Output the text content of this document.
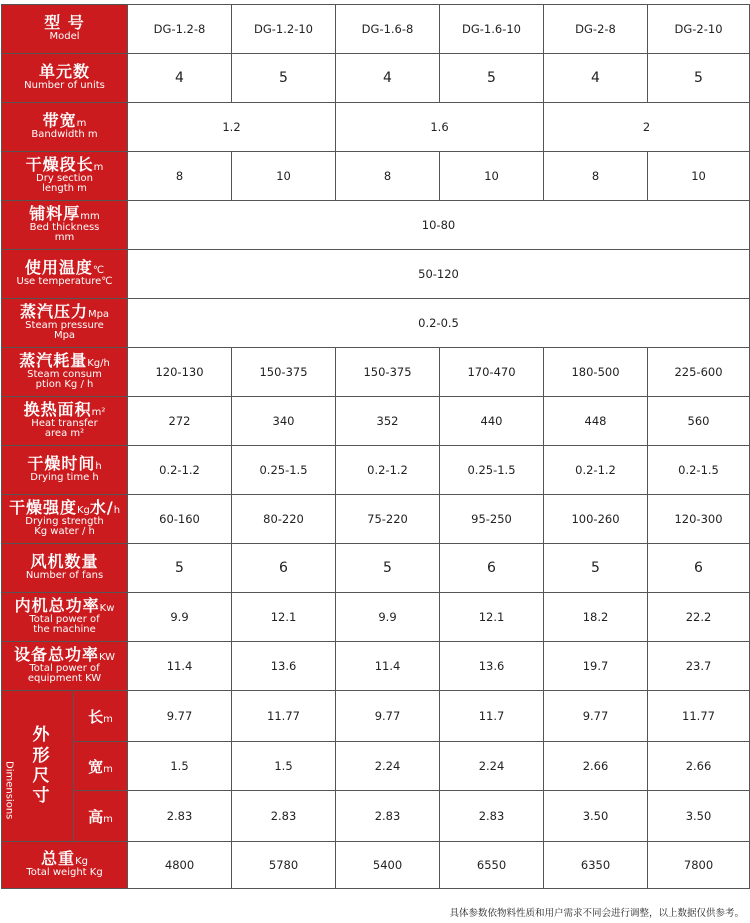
型 号
Model		DG-1.2-8	DG-1.2-10	DG-1.6-8	DG-1.6-10	DG-2-8	DG-2-10

单元数
Number of units		4	5	4	5	4	5

带宽m
Bandwidth m		1.2		1.6		2	

干燥段长m
Dry section
length m		8	10	8	10	8	10

铺料厚mm
Bed thickness
mm		10-80					

使用温度℃
Use temperature℃		50-120					

蒸汽压力Mpa
Steam pressure
Mpa		0.2-0.5					

蒸汽耗量Kg/h
Steam consum
ption Kg / h		120-130	150-375	150-375	170-470	180-500	225-600

换热面积m²
Heat transfer
area m²		272	340	352	440	448	560

干燥时间h
Drying time h		0.2-1.2	0.25-1.5	0.2-1.2	0.25-1.5	0.2-1.2	0.2-1.5

干燥强度Kg水/h
Drying strength
Kg water / h		60-160	80-220	75-220	95-250	100-260	120-300

风机数量
Number of fans		5	6	5	6	5	6

内机总功率Kw
Total power of
the machine		9.9	12.1	9.9	12.1	18.2	22.2

设备总功率KW
Total power of
equipment KW		11.4	13.6	11.4	13.6	19.7	23.7

Dimensions
外形尺寸	长m	9.77	11.77	9.77	11.7	9.77	11.77
	宽m	1.5	1.5	2.24	2.24	2.66	2.66
	高m	2.83	2.83	2.83	2.83	3.50	3.50

总重Kg
Total weight Kg		4800	5780	5400	6550	6350	7800
具体参数依物料性质和用户需求不同会进行调整，以上数据仅供参考。
